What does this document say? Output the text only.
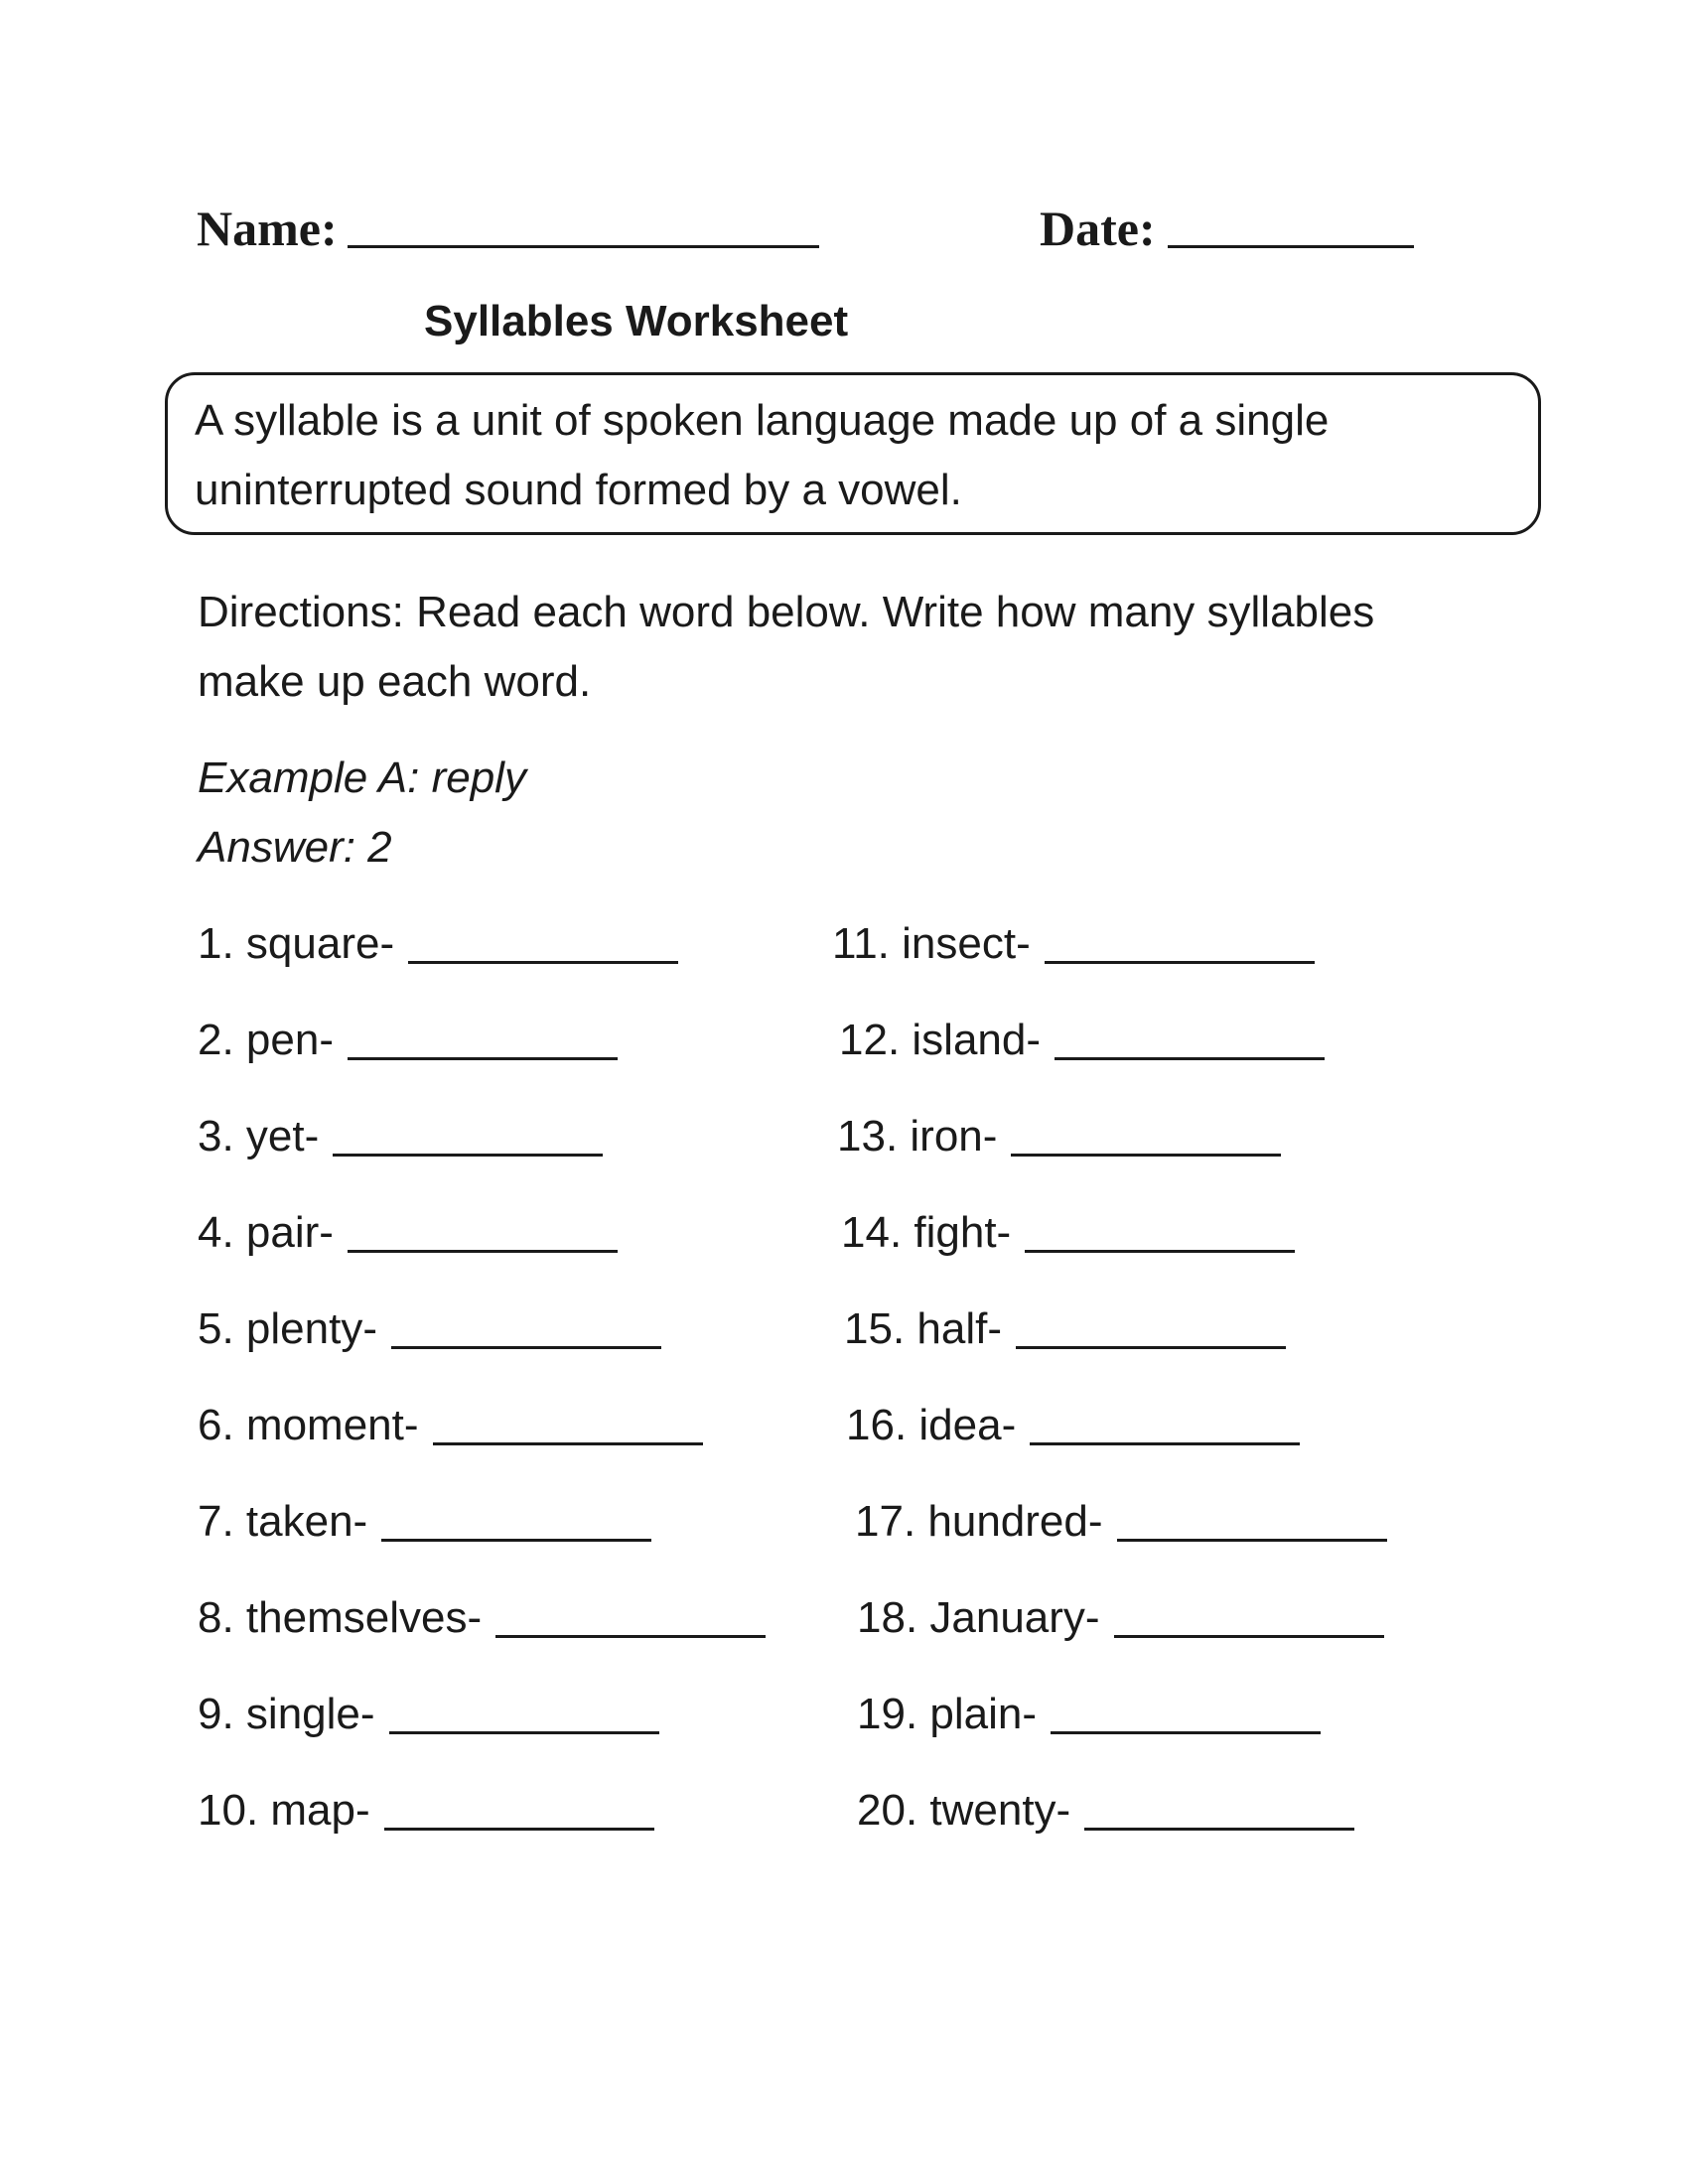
Name:	Date:
Syllables Worksheet
A syllable is a unit of spoken language made up of a single
uninterrupted sound formed by a vowel.
Directions: Read each word below. Write how many syllables
make up each word.
Example A: reply
Answer: 2
1. square-
2. pen-
3. yet-
4. pair-
5. plenty-
6. moment-
7. taken-
8. themselves-
9. single-
10. map-
11. insect-
12. island-
13. iron-
14. fight-
15. half-
16. idea-
17. hundred-
18. January-
19. plain-
20. twenty-
